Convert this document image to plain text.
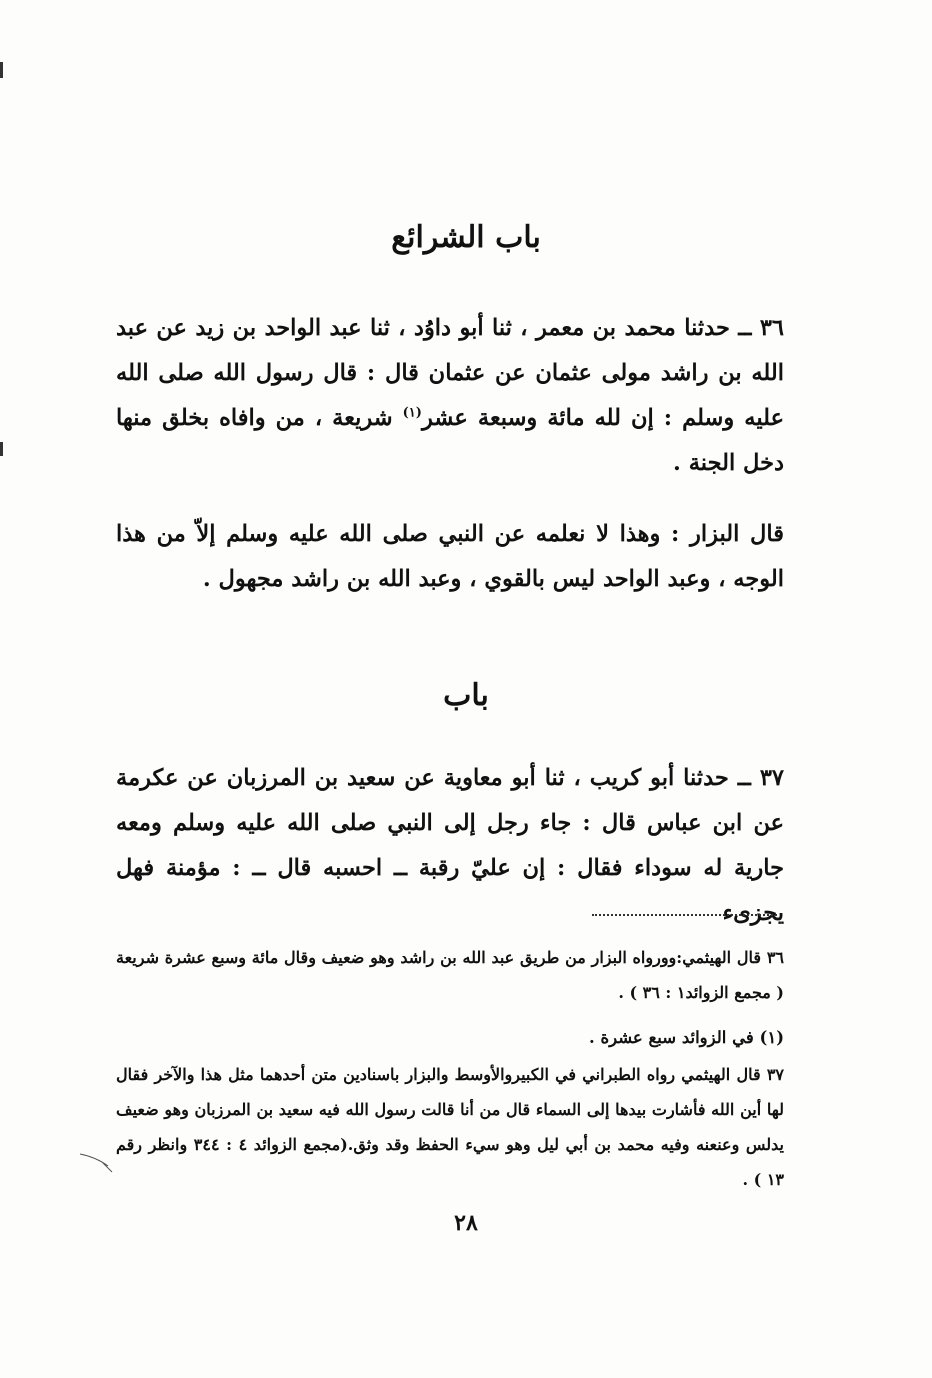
باب الشرائع
٣٦ ــ حدثنا محمد بن معمر ، ثنا أبو داوُد ، ثنا عبد الواحد بن زيد عن عبد الله بن راشد مولى عثمان عن عثمان قال : قال رسول الله صلى الله عليه وسلم : إن لله مائة وسبعة عشر$^{(١)}$ شريعة ، من وافاه بخلق منها دخل الجنة .
قال البزار : وهذا لا نعلمه عن النبي صلى الله عليه وسلم إلاّ من هذا الوجه ، وعبد الواحد ليس بالقوي ، وعبد الله بن راشد مجهول .
باب
٣٧ ــ حدثنا أبو كريب ، ثنا أبو معاوية عن سعيد بن المرزبان عن عكرمة عن ابن عباس قال : جاء رجل إلى النبي صلى الله عليه وسلم ومعه جارية له سوداء فقال : إن عليّ رقبة ــ احسبه قال ــ : مؤمنة فهل يجزىء
٣٦ قال الهيثمي:وورواه البزار من طريق عبد الله بن راشد وهو ضعيف وقال مائة وسبع عشرة شريعة ( مجمع الزوائد١ : ٣٦ ) .
(١) في الزوائد سبع عشرة .
٣٧ قال الهيثمي رواه الطبراني في الكبيروالأوسط والبزار باسنادين متن أحدهما مثل هذا والآخر فقال لها أين الله فأشارت بيدها إلى السماء قال من أنا قالت رسول الله فيه سعيد بن المرزبان وهو ضعيف يدلس وعنعنه وفيه محمد بن أبي ليل وهو سيء الحفظ وقد وثق.(مجمع الزوائد ٤ : ٣٤٤ وانظر رقم ١٣ ) .
٢٨
